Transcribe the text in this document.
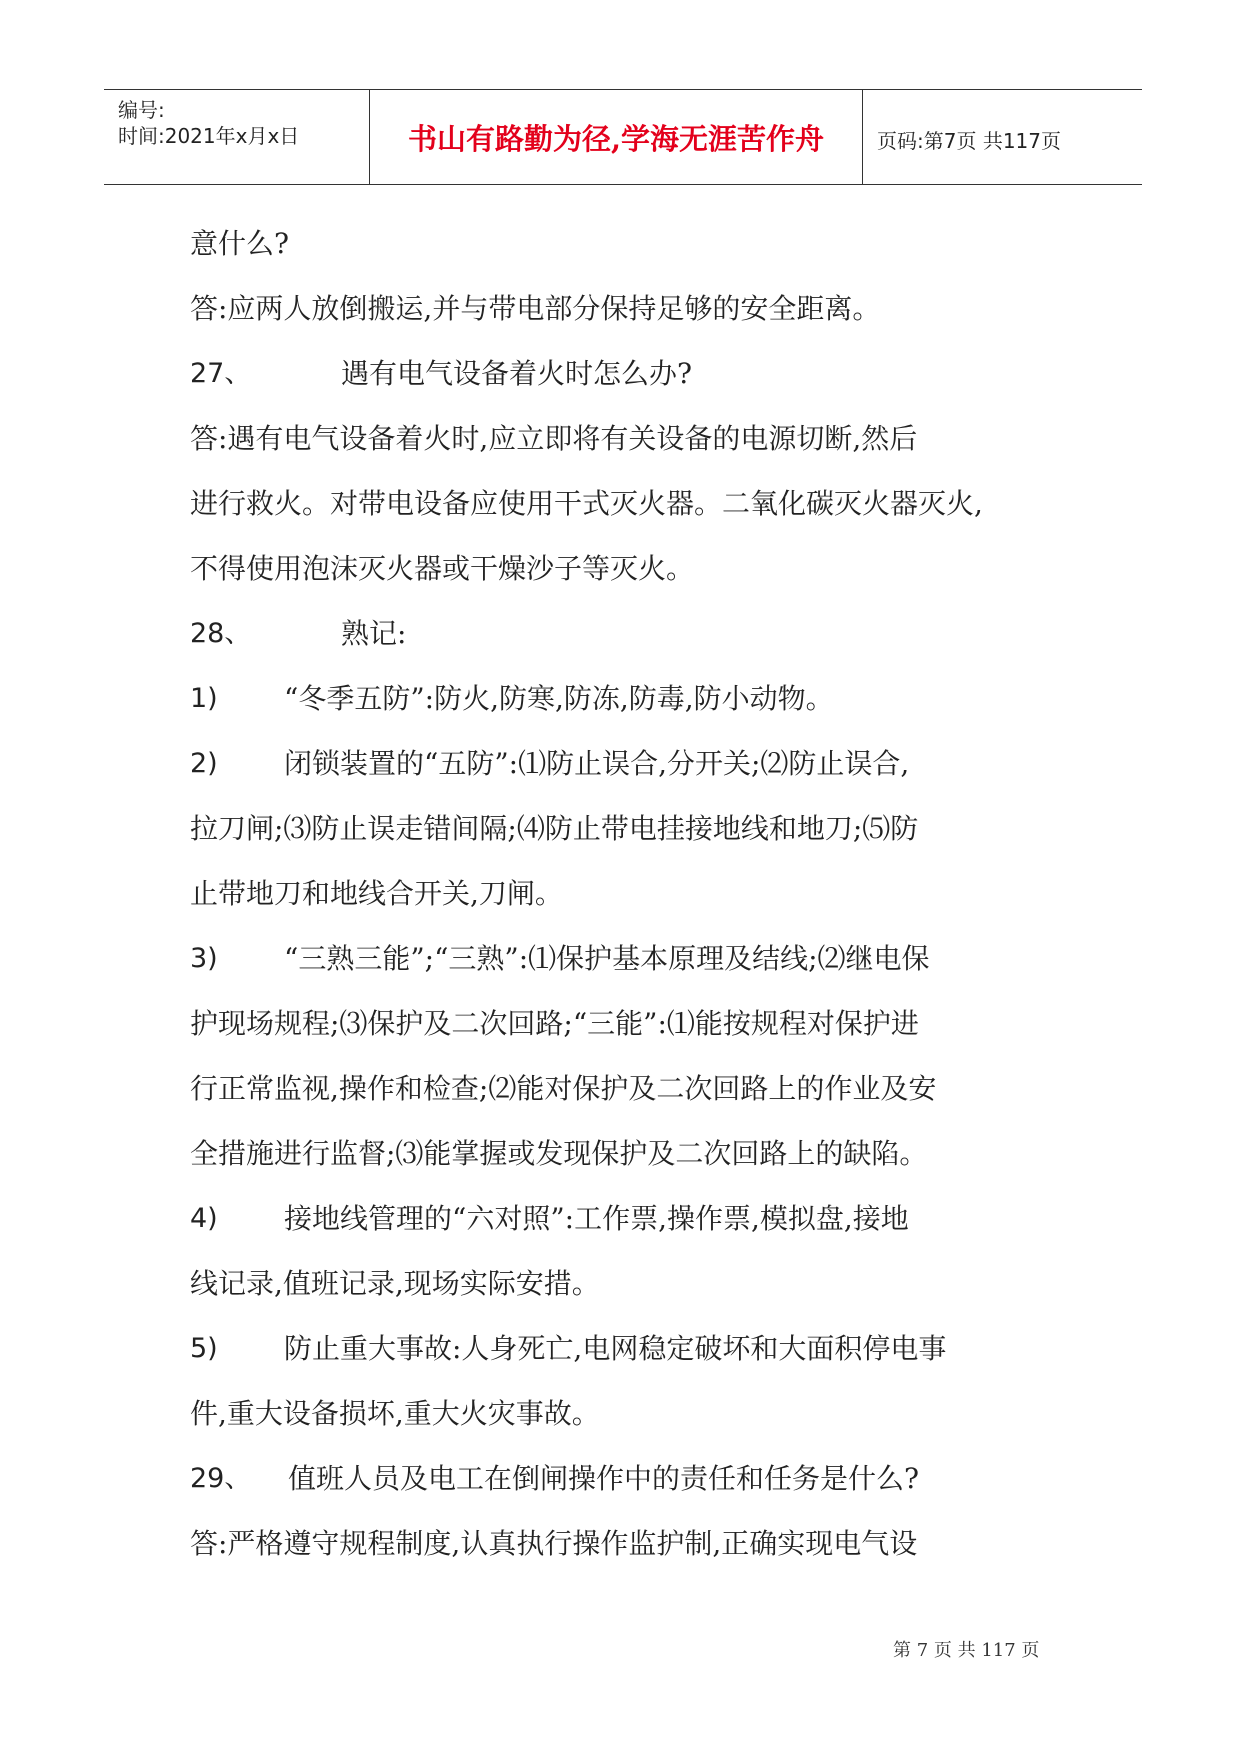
编号:
时间:2021年x月x日	书山有路勤为径,学海无涯苦作舟	页码:第7页 共117页
意什么?
答:应两人放倒搬运,并与带电部分保持足够的安全距离。
27、	遇有电气设备着火时怎么办?
答:遇有电气设备着火时,应立即将有关设备的电源切断,然后
进行救火。对带电设备应使用干式灭火器。二氧化碳灭火器灭火,
不得使用泡沫灭火器或干燥沙子等灭火。
28、	熟记:
1) “冬季五防”:防火,防寒,防冻,防毒,防小动物。
2) 闭锁装置的“五防”:⑴防止误合,分开关;⑵防止误合,
拉刀闸;⑶防止误走错间隔;⑷防止带电挂接地线和地刀;⑸防
止带地刀和地线合开关,刀闸。
3) “三熟三能”;“三熟”:⑴保护基本原理及结线;⑵继电保
护现场规程;⑶保护及二次回路;“三能”:⑴能按规程对保护进
行正常监视,操作和检查;⑵能对保护及二次回路上的作业及安
全措施进行监督;⑶能掌握或发现保护及二次回路上的缺陷。
4) 接地线管理的“六对照”:工作票,操作票,模拟盘,接地
线记录,值班记录,现场实际安措。
5) 防止重大事故:人身死亡,电网稳定破坏和大面积停电事
件,重大设备损坏,重大火灾事故。
29、 值班人员及电工在倒闸操作中的责任和任务是什么?
答:严格遵守规程制度,认真执行操作监护制,正确实现电气设
第 7 页 共 117 页
